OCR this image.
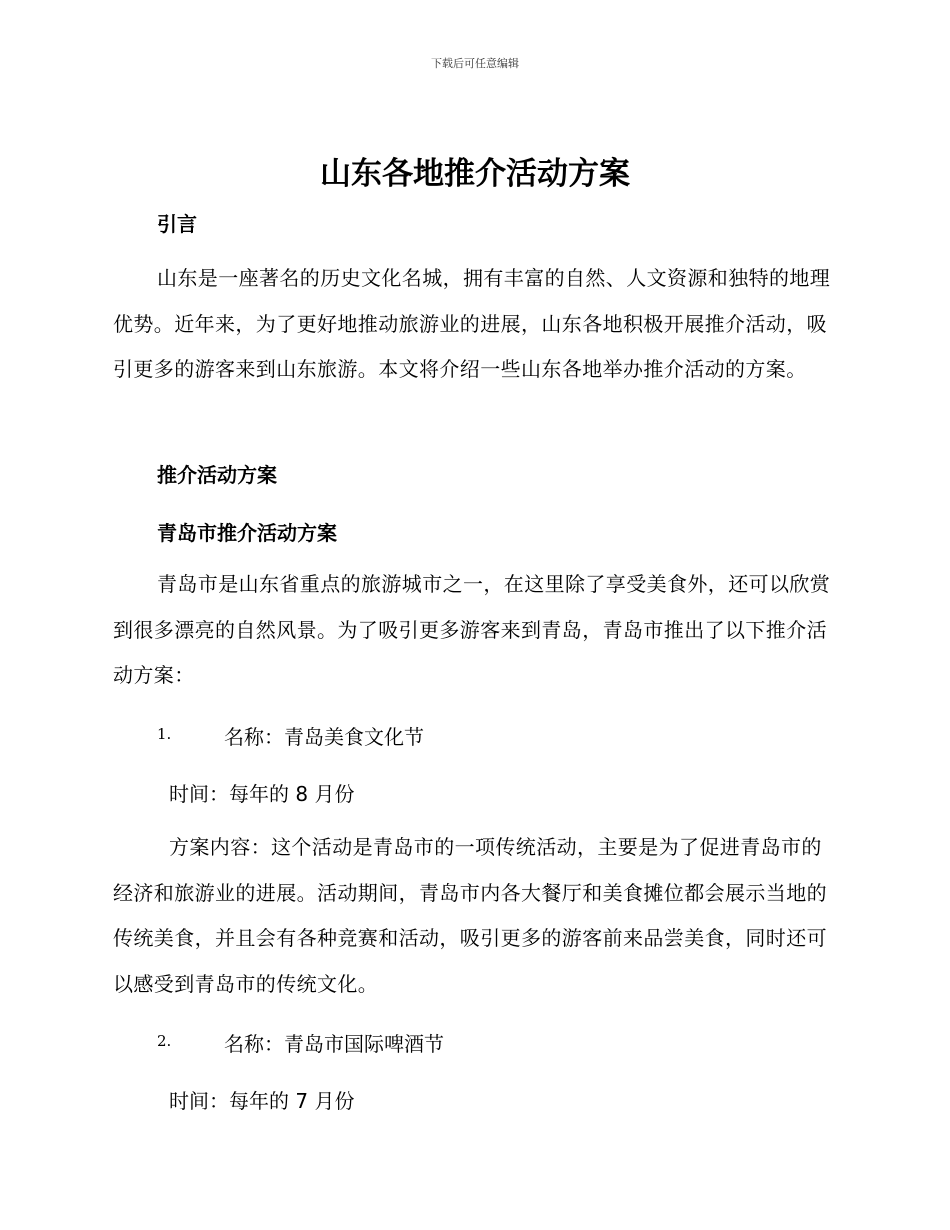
下载后可任意编辑
山东各地推介活动方案
引言

山东是一座著名的历史文化名城，拥有丰富的自然、人文资源和独特的地理优势。近年来，为了更好地推动旅游业的进展，山东各地积极开展推介活动，吸引更多的游客来到山东旅游。本文将介绍一些山东各地举办推介活动的方案。

推介活动方案
青岛市推介活动方案

青岛市是山东省重点的旅游城市之一，在这里除了享受美食外，还可以欣赏到很多漂亮的自然风景。为了吸引更多游客来到青岛，青岛市推出了以下推介活动方案：

1.	名称：青岛美食文化节
时间：每年的 8 月份

方案内容：这个活动是青岛市的一项传统活动，主要是为了促进青岛市的经济和旅游业的进展。活动期间，青岛市内各大餐厅和美食摊位都会展示当地的传统美食，并且会有各种竞赛和活动，吸引更多的游客前来品尝美食，同时还可以感受到青岛市的传统文化。

2.	名称：青岛市国际啤酒节
时间：每年的 7 月份
